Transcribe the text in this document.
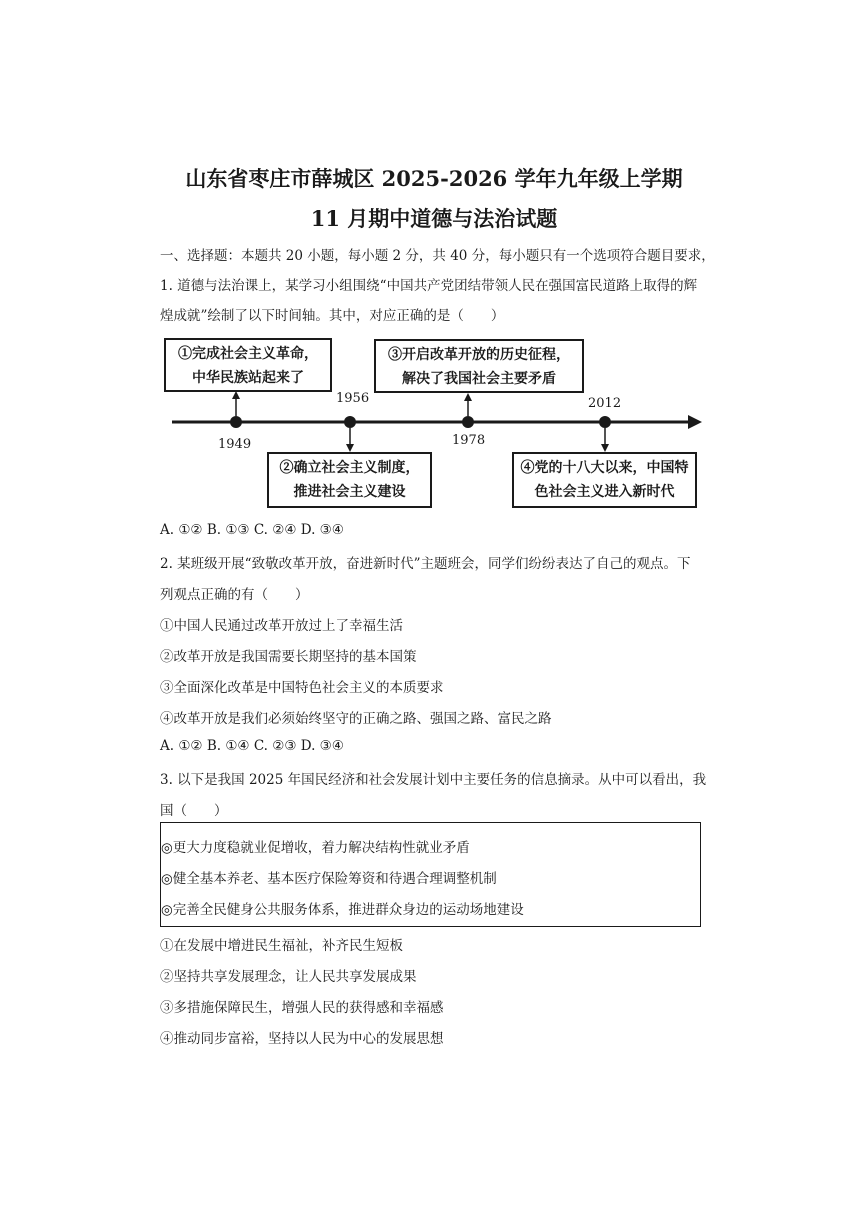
山东省枣庄市薛城区 2025-2026 学年九年级上学期
11 月期中道德与法治试题
一、选择题：本题共 20 小题，每小题 2 分，共 40 分，每小题只有一个选项符合题目要求，
1. 道德与法治课上，某学习小组围绕“中国共产党团结带领人民在强国富民道路上取得的辉
煌成就”绘制了以下时间轴。其中，对应正确的是（　　）
1949
1956
1978
2012
①完成社会主义革命，
中华民族站起来了
③开启改革开放的历史征程，
解决了我国社会主要矛盾
②确立社会主义制度，
推进社会主义建设
④党的十八大以来，中国特
色社会主义进入新时代
A. ①② B. ①③ C. ②④ D. ③④
2. 某班级开展“致敬改革开放，奋进新时代”主题班会，同学们纷纷表达了自己的观点。下
列观点正确的有（　　）
①中国人民通过改革开放过上了幸福生活
②改革开放是我国需要长期坚持的基本国策
③全面深化改革是中国特色社会主义的本质要求
④改革开放是我们必须始终坚守的正确之路、强国之路、富民之路
A. ①② B. ①④ C. ②③ D. ③④
3. 以下是我国 2025 年国民经济和社会发展计划中主要任务的信息摘录。从中可以看出，我
国（　　）
◎更大力度稳就业促增收，着力解决结构性就业矛盾
◎健全基本养老、基本医疗保险筹资和待遇合理调整机制
◎完善全民健身公共服务体系，推进群众身边的运动场地建设
①在发展中增进民生福祉，补齐民生短板
②坚持共享发展理念，让人民共享发展成果
③多措施保障民生，增强人民的获得感和幸福感
④推动同步富裕，坚持以人民为中心的发展思想
